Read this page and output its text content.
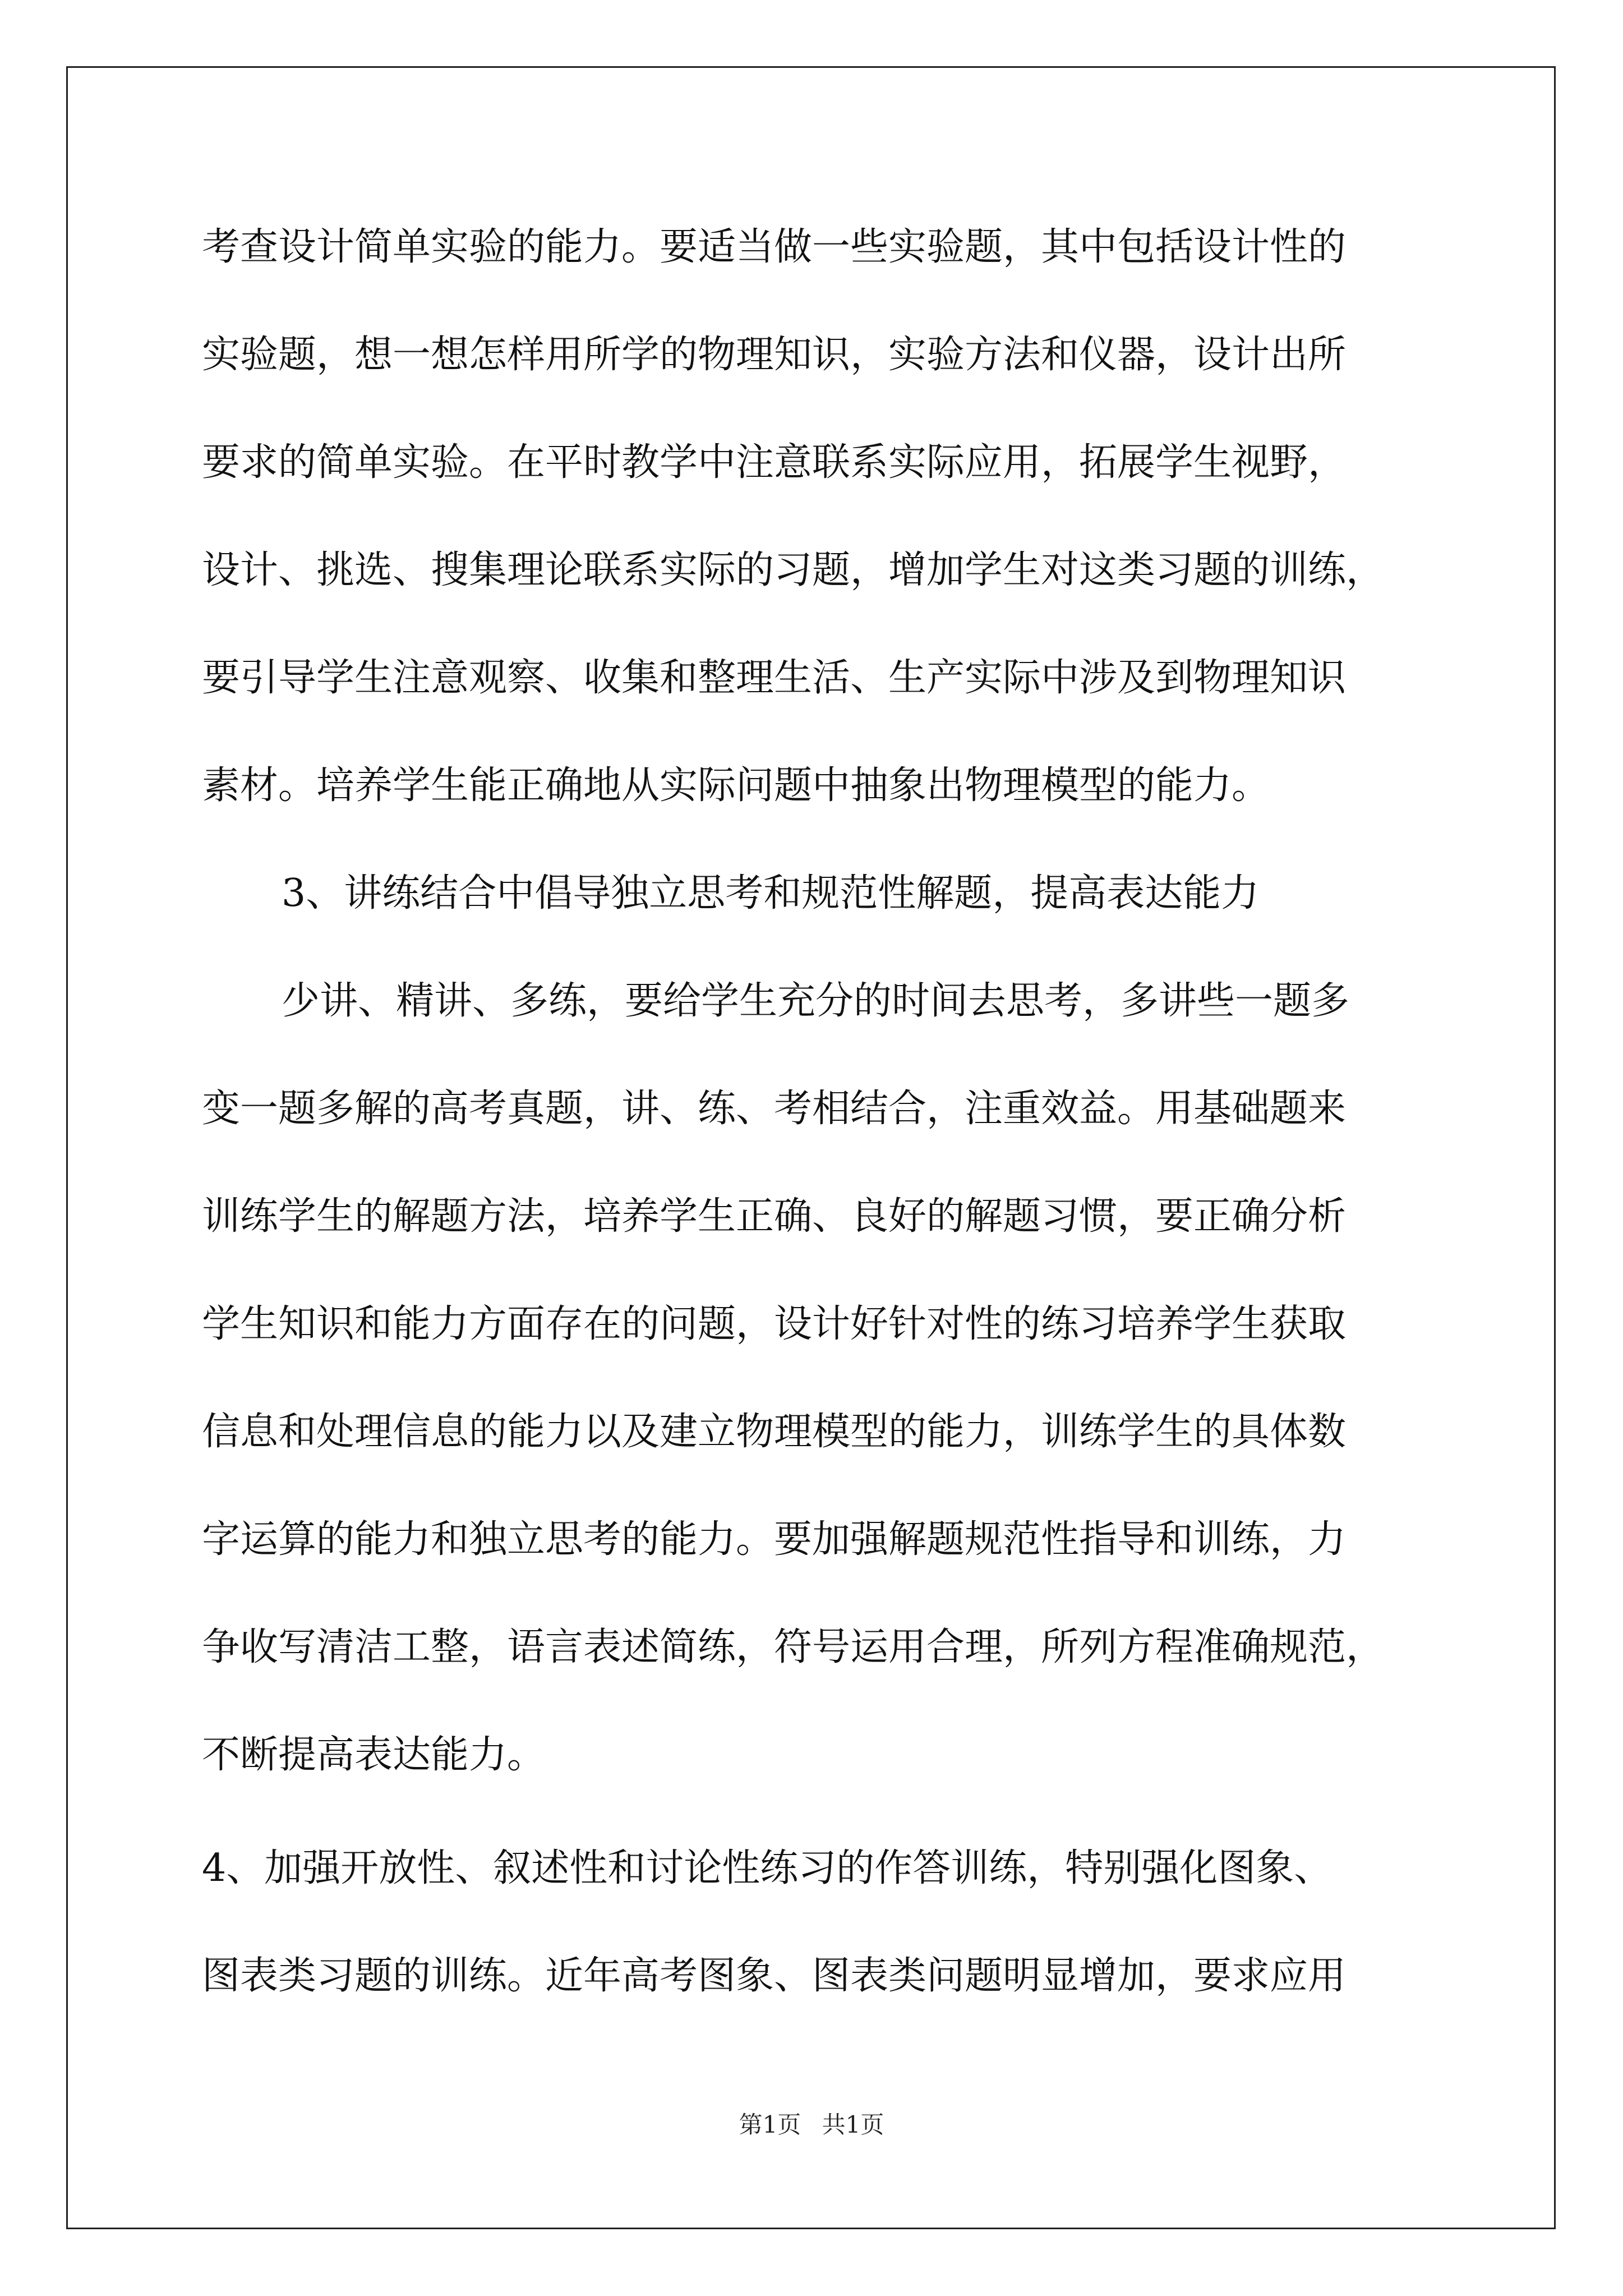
考查设计简单实验的能力。要适当做一些实验题，其中包括设计性的
实验题，想一想怎样用所学的物理知识，实验方法和仪器，设计出所
要求的简单实验。在平时教学中注意联系实际应用，拓展学生视野，
设计、挑选、搜集理论联系实际的习题，增加学生对这类习题的训练，
要引导学生注意观察、收集和整理生活、生产实际中涉及到物理知识
素材。培养学生能正确地从实际问题中抽象出物理模型的能力。
3、讲练结合中倡导独立思考和规范性解题，提高表达能力
少讲、精讲、多练，要给学生充分的时间去思考，多讲些一题多
变一题多解的高考真题，讲、练、考相结合，注重效益。用基础题来
训练学生的解题方法，培养学生正确、良好的解题习惯，要正确分析
学生知识和能力方面存在的问题，设计好针对性的练习培养学生获取
信息和处理信息的能力以及建立物理模型的能力，训练学生的具体数
字运算的能力和独立思考的能力。要加强解题规范性指导和训练，力
争收写清洁工整，语言表述简练，符号运用合理，所列方程准确规范，
不断提高表达能力。
4、加强开放性、叙述性和讨论性练习的作答训练，特别强化图象、
图表类习题的训练。近年高考图象、图表类问题明显增加，要求应用
第1页 共1页
